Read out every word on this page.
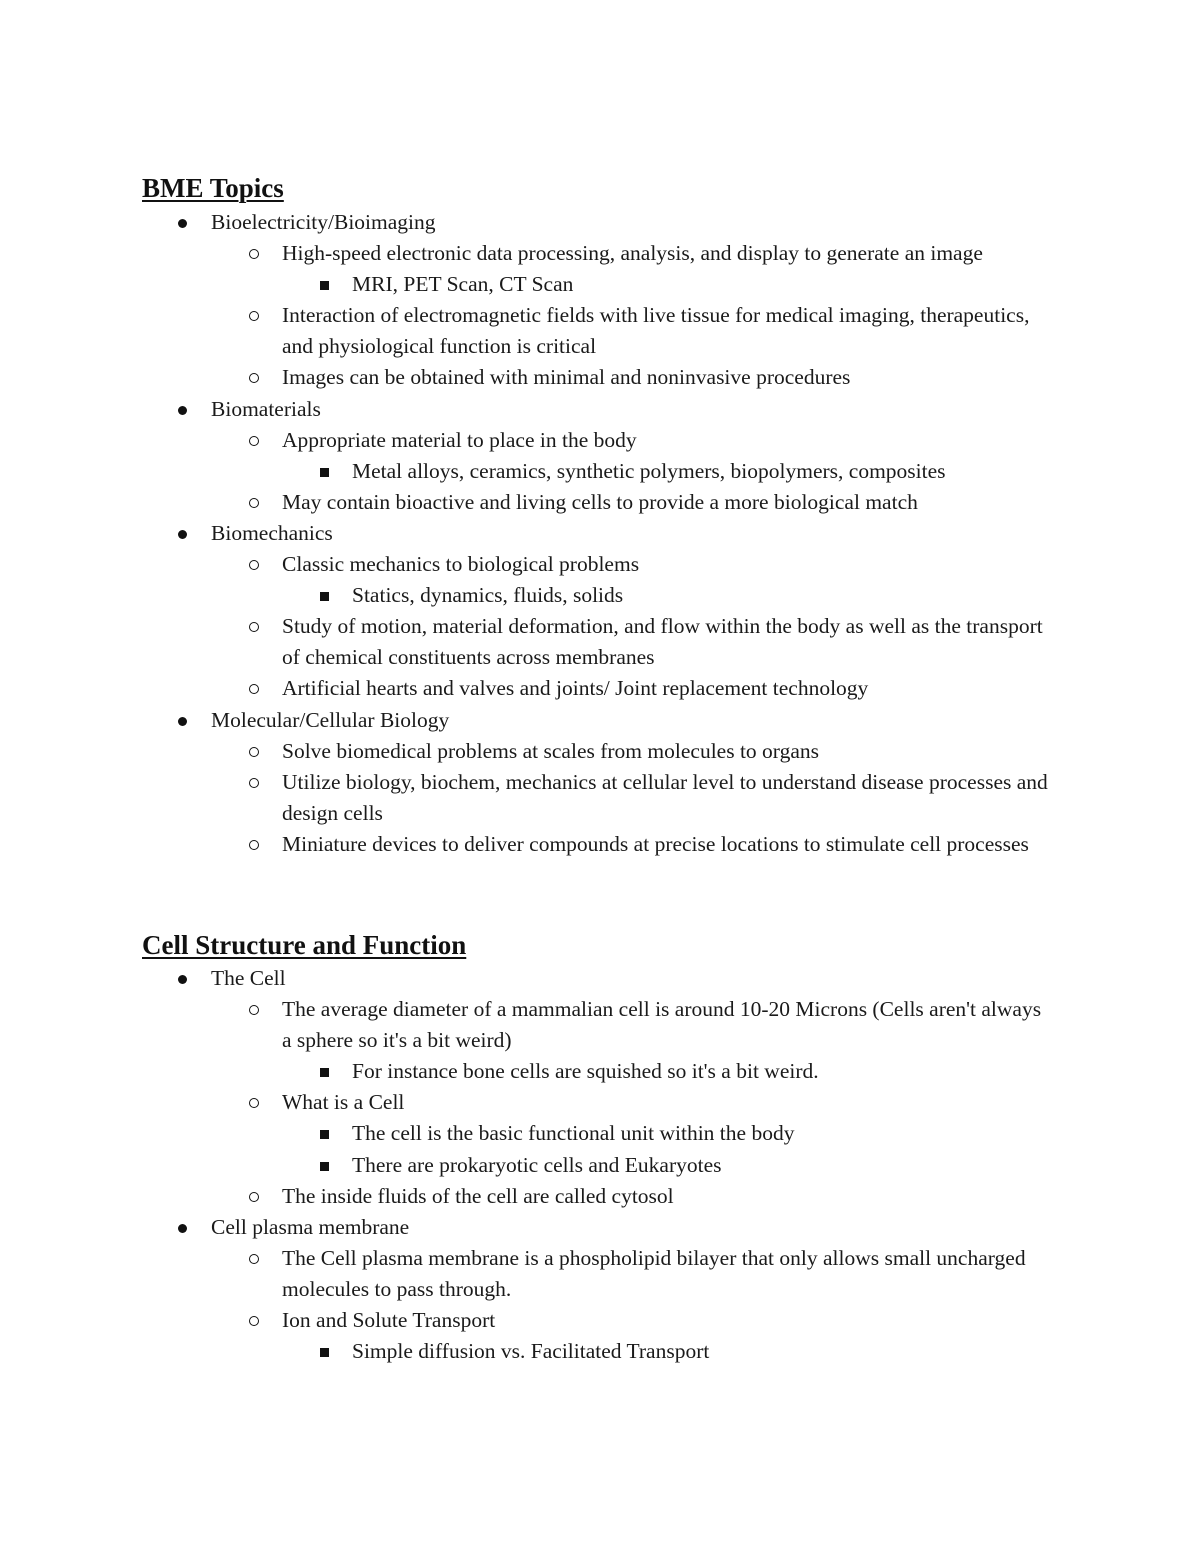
BME Topics
Bioelectricity/Bioimaging
High-speed electronic data processing, analysis, and display to generate an image
MRI, PET Scan, CT Scan
Interaction of electromagnetic fields with live tissue for medical imaging, therapeutics, and physiological function is critical
Images can be obtained with minimal and noninvasive procedures
Biomaterials
Appropriate material to place in the body
Metal alloys, ceramics, synthetic polymers, biopolymers, composites
May contain bioactive and living cells to provide a more biological match
Biomechanics
Classic mechanics to biological problems
Statics, dynamics, fluids, solids
Study of motion, material deformation, and flow within the body as well as the transport of chemical constituents across membranes
Artificial hearts and valves and joints/ Joint replacement technology
Molecular/Cellular Biology
Solve biomedical problems at scales from molecules to organs
Utilize biology, biochem, mechanics at cellular level to understand disease processes and design cells
Miniature devices to deliver compounds at precise locations to stimulate cell processes
Cell Structure and Function
The Cell
The average diameter of a mammalian cell is around 10-20 Microns (Cells aren't always a sphere so it's a bit weird)
For instance bone cells are squished so it's a bit weird.
What is a Cell
The cell is the basic functional unit within the body
There are prokaryotic cells and Eukaryotes
The inside fluids of the cell are called cytosol
Cell plasma membrane
The Cell plasma membrane is a phospholipid bilayer that only allows small uncharged molecules to pass through.
Ion and Solute Transport
Simple diffusion vs. Facilitated Transport
